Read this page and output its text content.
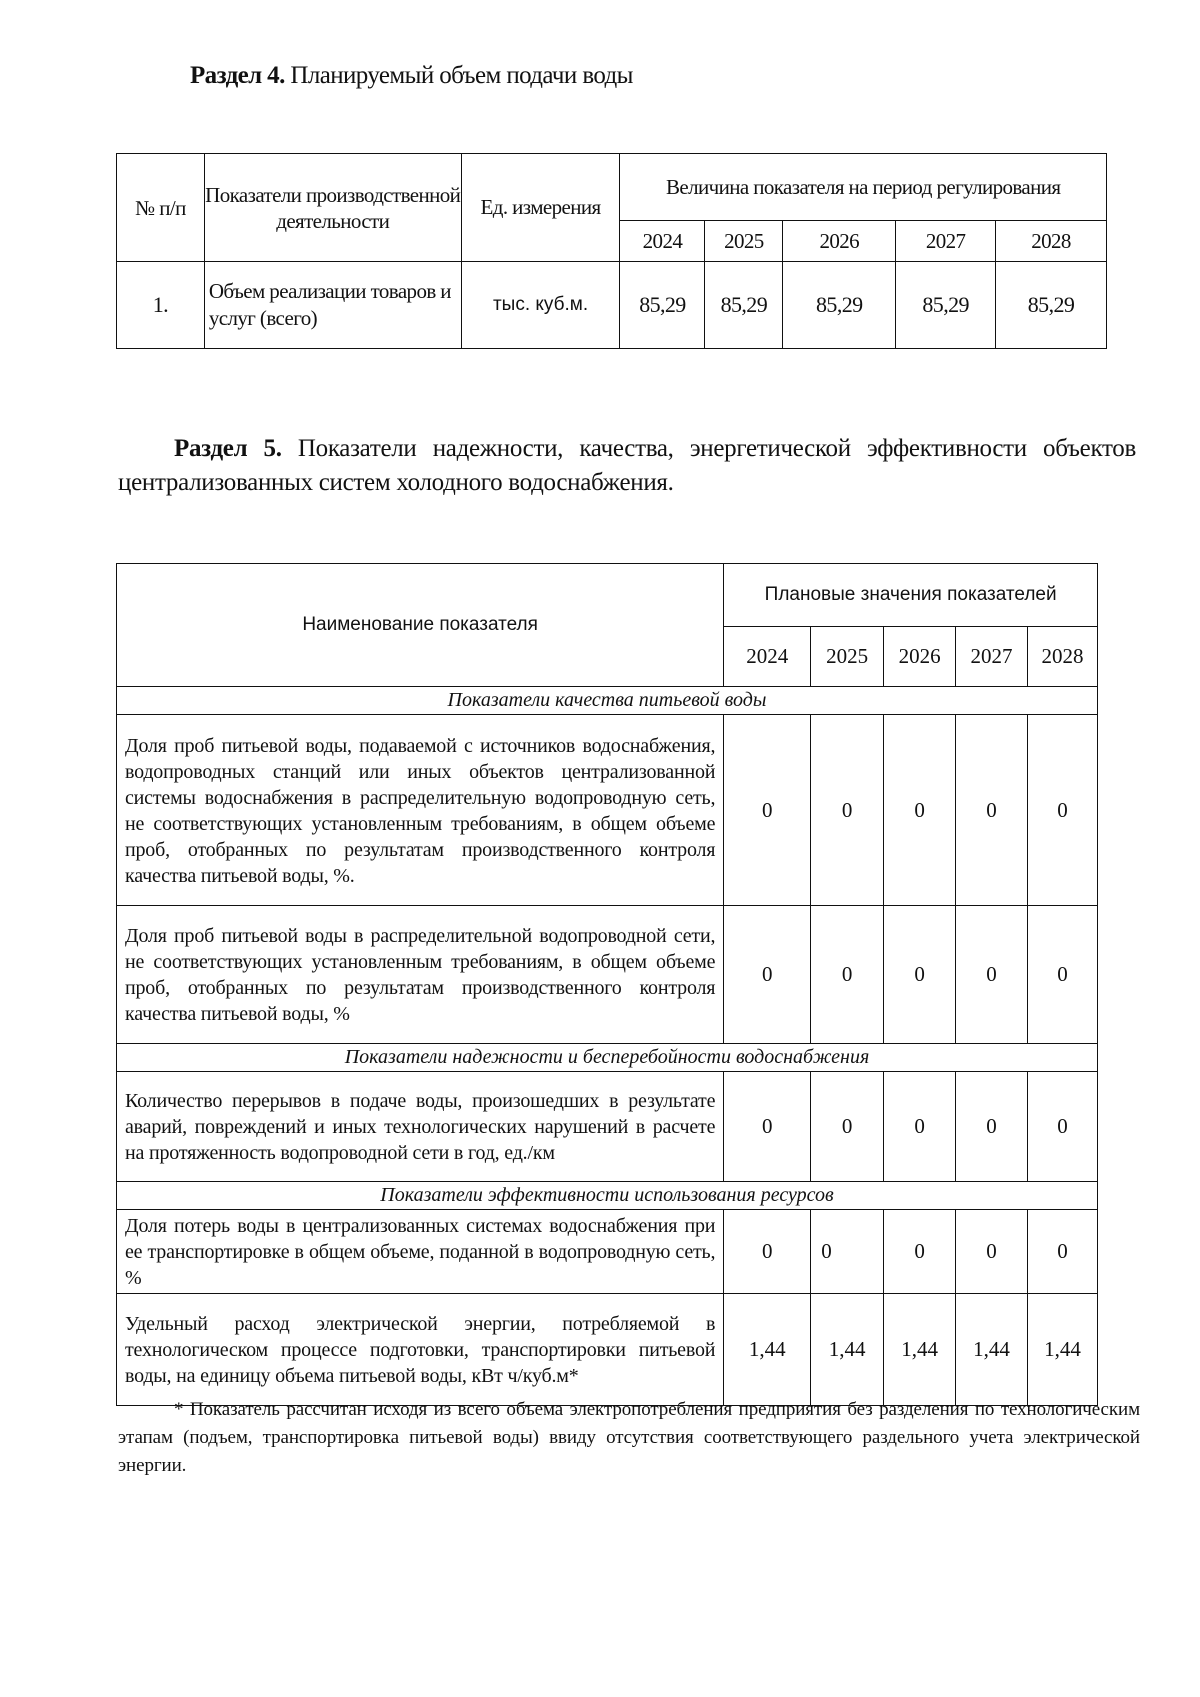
Раздел 4. Планируемый объем подачи воды
№ п/п	Показатели производственной деятельности	Ед. измерения	Величина показателя на период регулирования				
			2024	2025	2026	2027	2028
1.	Объем реализации товаров и услуг (всего)	тыс. куб.м.	85,29	85,29	85,29	85,29	85,29
Раздел 5. Показатели надежности, качества, энергетической эффективности объектов централизованных систем холодного водоснабжения.
Наименование показателя	Плановые значения показателей				
	2024	2025	2026	2027	2028
Показатели качества питьевой воды					
Доля проб питьевой воды, подаваемой с источников водоснабжения, водопроводных станций или иных объектов централизованной системы водоснабжения в распределительную водопроводную сеть, не соответствующих установленным требованиям, в общем объеме проб, отобранных по результатам производственного контроля качества питьевой воды, %.	0	0	0	0	0
Доля проб питьевой воды в распределительной водопроводной сети, не соответствующих установленным требованиям, в общем объеме проб, отобранных по результатам производственного контроля качества питьевой воды, %	0	0	0	0	0
Показатели надежности и бесперебойности водоснабжения					
Количество перерывов в подаче воды, произошедших в результате аварий, повреждений и иных технологических нарушений в расчете на протяженность водопроводной сети в год, ед./км	0	0	0	0	0
Показатели эффективности использования ресурсов					
Доля потерь воды в централизованных системах водоснабжения при ее транспортировке в общем объеме, поданной в водопроводную сеть, %	0	0	0	0	0
Удельный расход электрической энергии, потребляемой в технологическом процессе подготовки, транспортировки питьевой воды, на единицу объема питьевой воды, кВт ч/куб.м*	1,44	1,44	1,44	1,44	1,44
* Показатель рассчитан исходя из всего объема электропотребления предприятия без разделения по технологическим этапам (подъем, транспортировка питьевой воды) ввиду отсутствия соответствующего раздельного учета электрической энергии.
